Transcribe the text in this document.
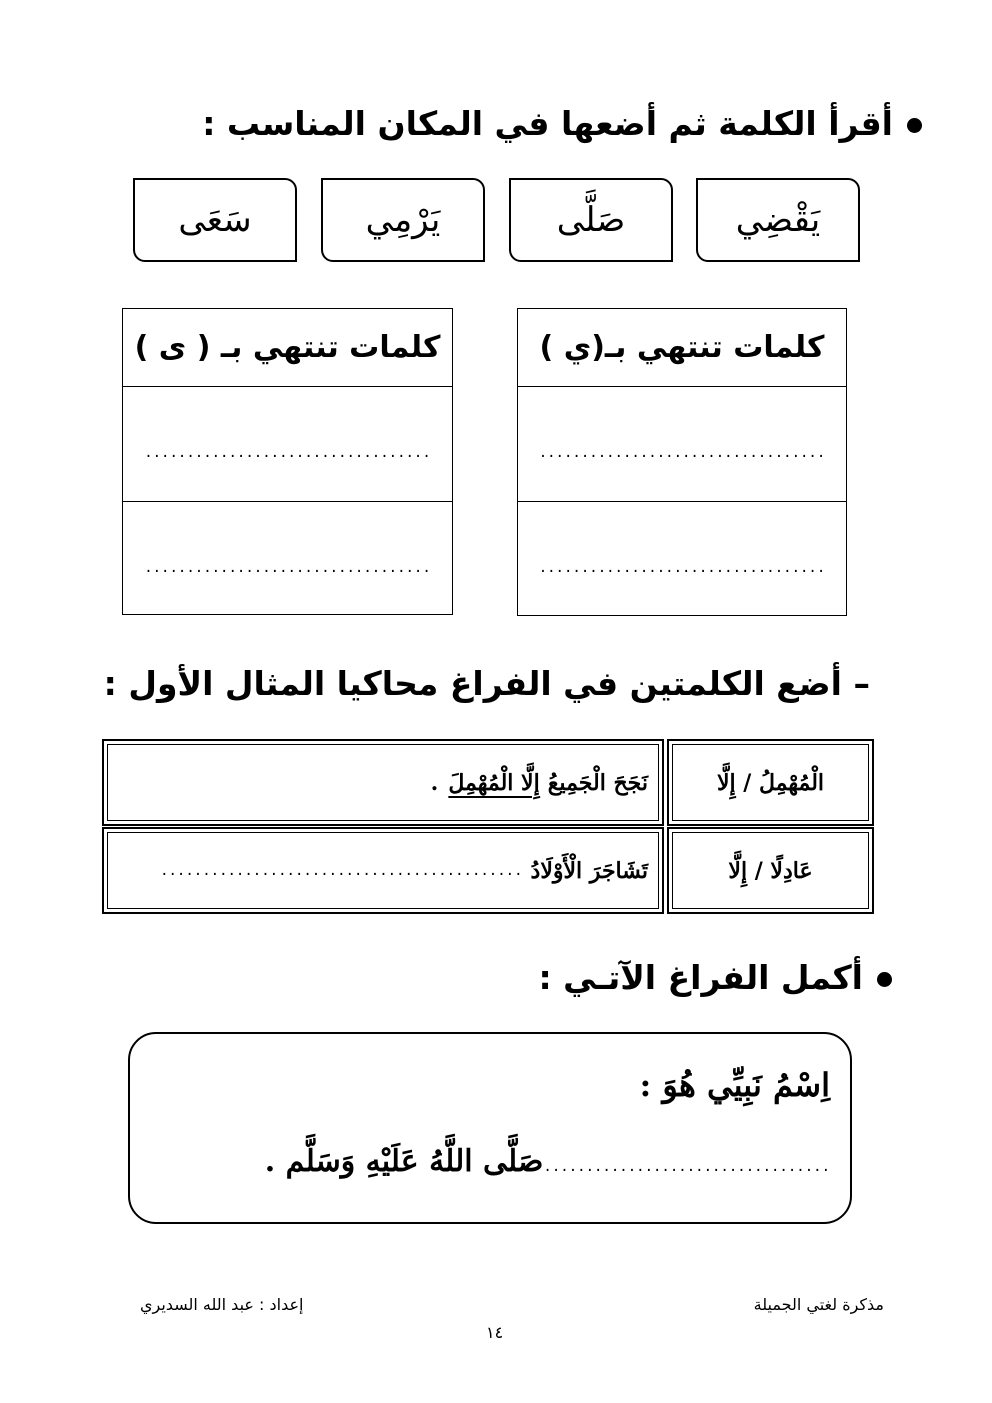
أقرأ الكلمة ثم أضعها في المكان المناسب :
يَقْضِي
صَلَّى
يَرْمِي
سَعَى
كلمات تنتهي بـ(ي )
..................................
..................................
كلمات تنتهي بـ ( ى )
..................................
..................................
– أضع الكلمتين في الفراغ محاكيا المثال الأول :
الْمُهْمِلُ / إِلَّا
نَجَحَ الْجَمِيعُ
إِلَّا الْمُهْمِلَ
.
عَادِلًا / إِلَّا
تَشَاجَرَ الْأَوْلَادُ
...........................................
أكمل الفراغ الآتـي :
اِسْمُ نَبِيِّي هُوَ :
..................................صَلَّى اللَّهُ عَلَيْهِ وَسَلَّم .
مذكرة لغتي الجميلة
إعداد : عبد الله السديري
١٤
